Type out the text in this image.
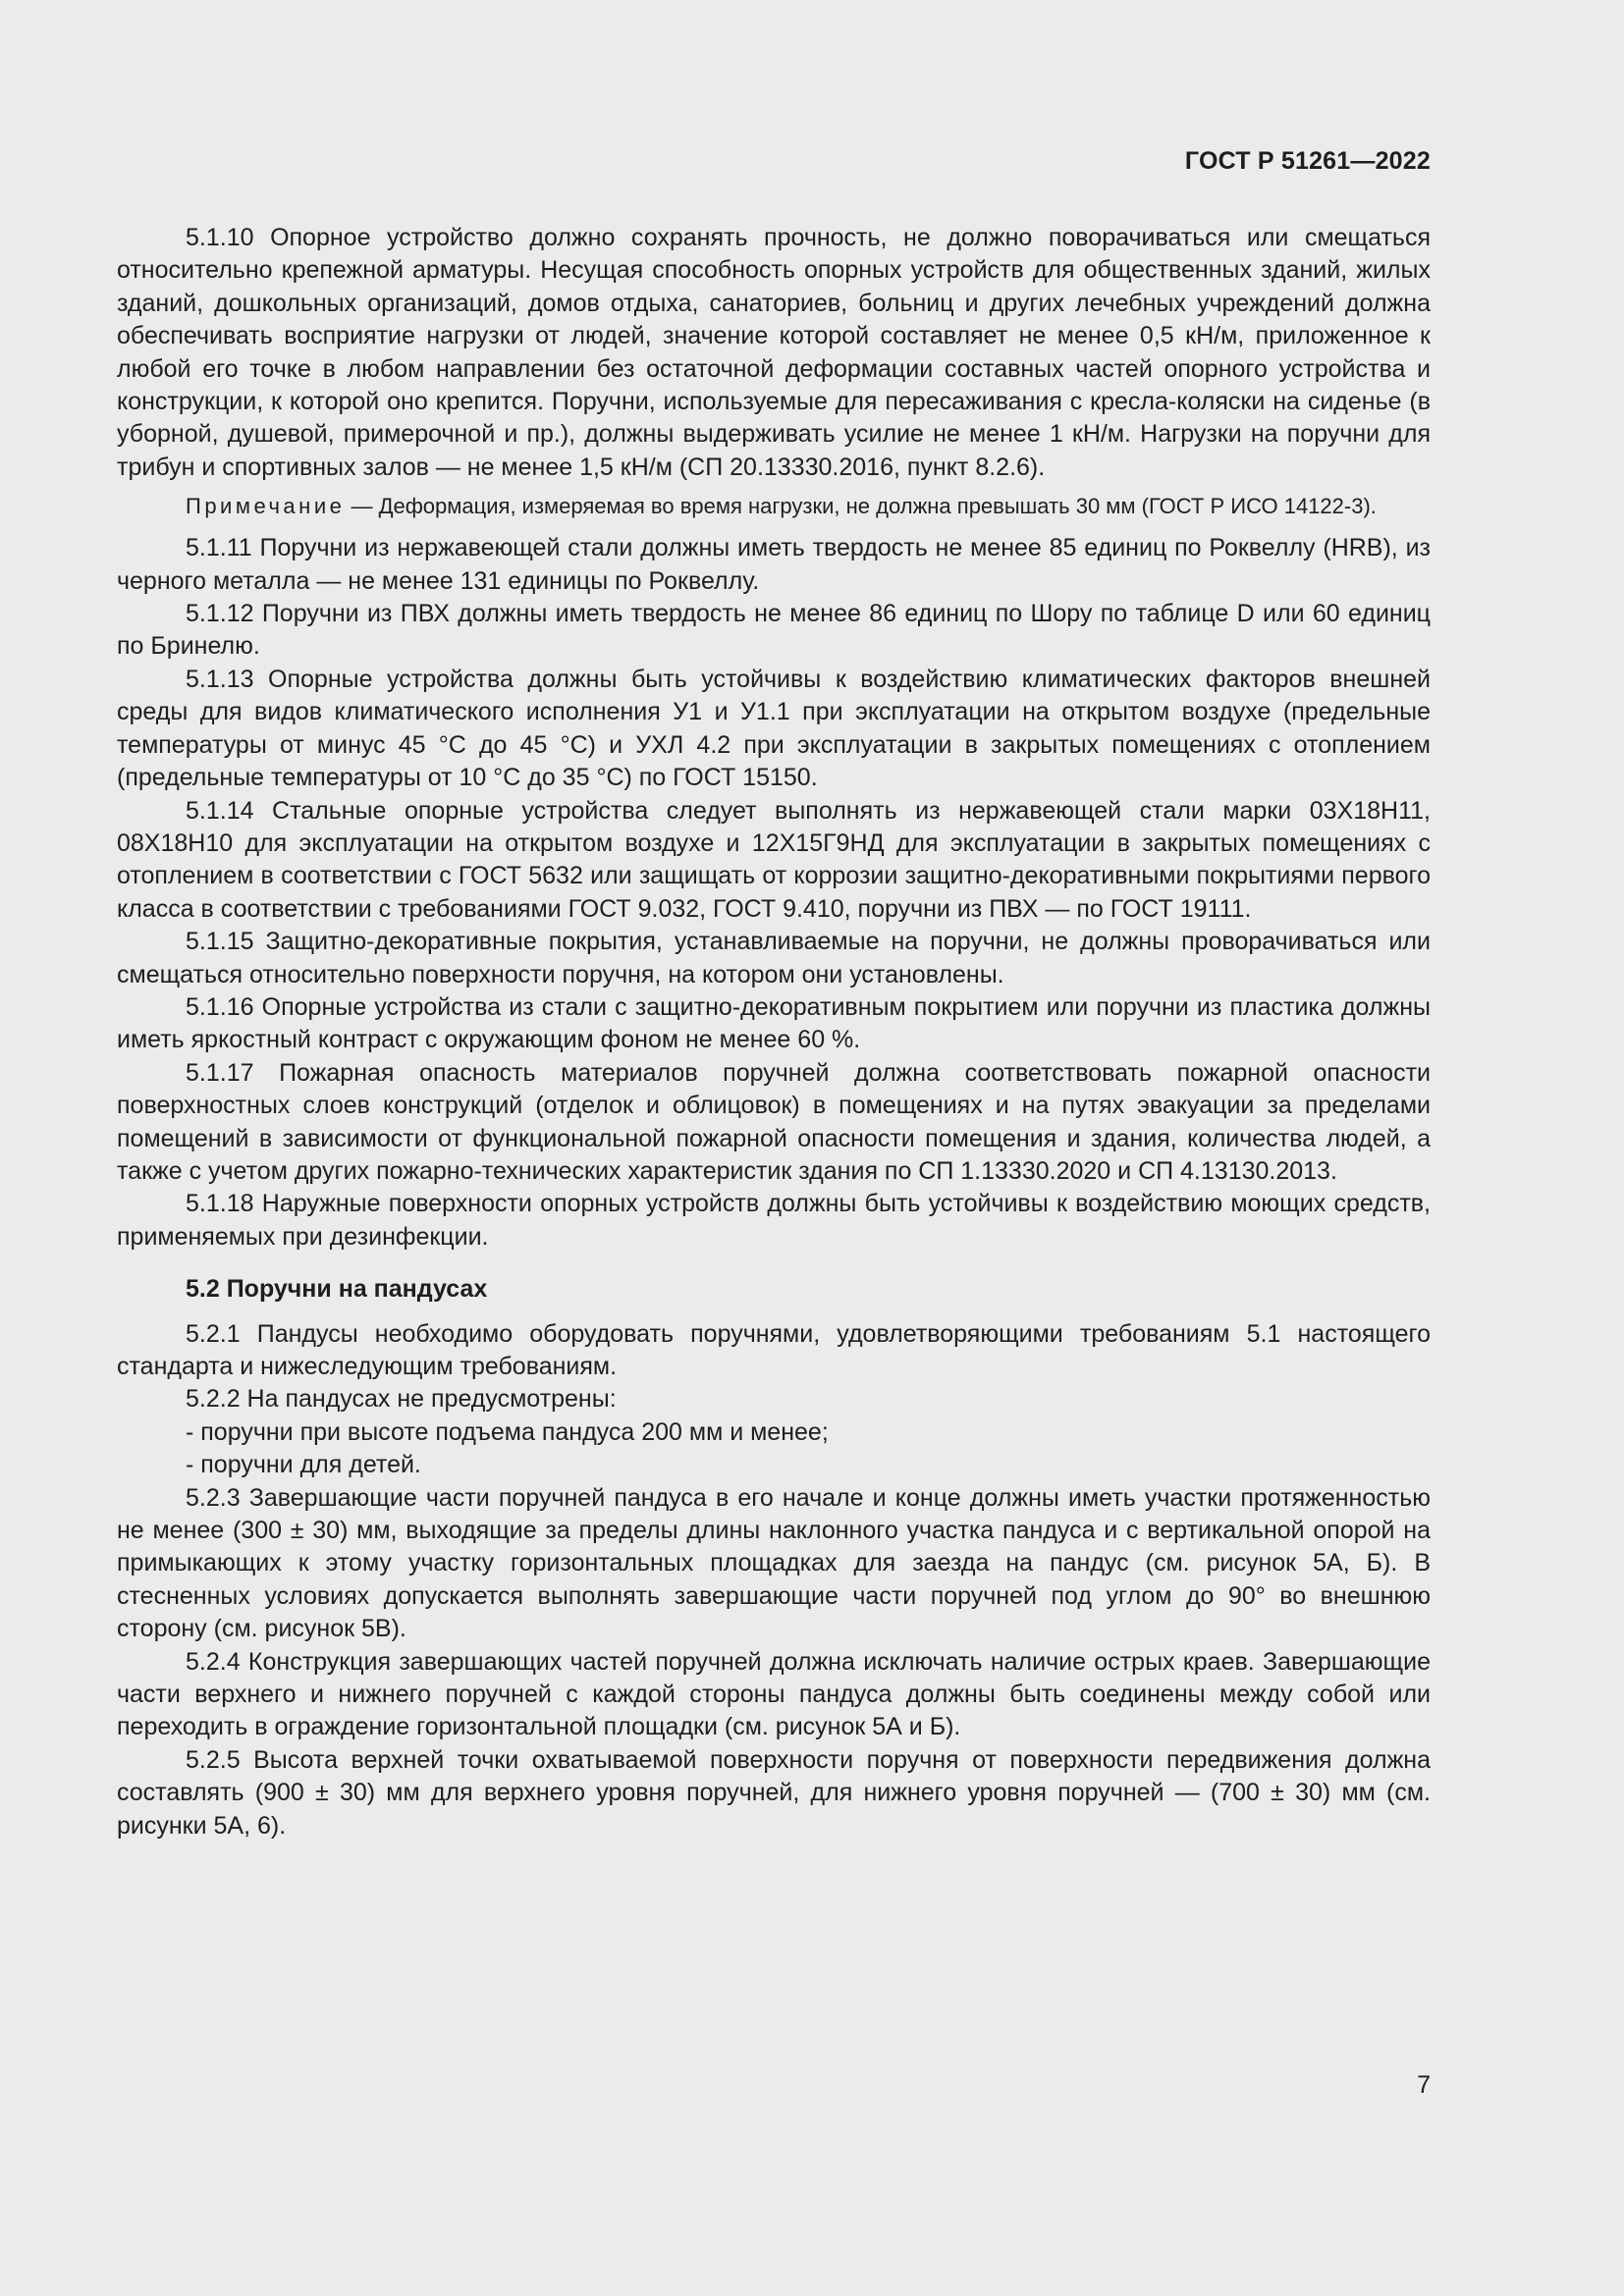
ГОСТ Р 51261—2022

5.1.10 Опорное устройство должно сохранять прочность, не должно поворачиваться или смещаться относительно крепежной арматуры. Несущая способность опорных устройств для общественных зданий, жилых зданий, дошкольных организаций, домов отдыха, санаториев, больниц и других лечебных учреждений должна обеспечивать восприятие нагрузки от людей, значение которой составляет не менее 0,5 кН/м, приложенное к любой его точке в любом направлении без остаточной деформации составных частей опорного устройства и конструкции, к которой оно крепится. Поручни, используемые для пересаживания с кресла-коляски на сиденье (в уборной, душевой, примерочной и пр.), должны выдерживать усилие не менее 1 кН/м. Нагрузки на поручни для трибун и спортивных залов — не менее 1,5 кН/м (СП 20.13330.2016, пункт 8.2.6).

Примечание — Деформация, измеряемая во время нагрузки, не должна превышать 30 мм (ГОСТ Р ИСО 14122-3).

5.1.11 Поручни из нержавеющей стали должны иметь твердость не менее 85 единиц по Роквеллу (HRB), из черного металла — не менее 131 единицы по Роквеллу.

5.1.12 Поручни из ПВХ должны иметь твердость не менее 86 единиц по Шору по таблице D или 60 единиц по Бринелю.

5.1.13 Опорные устройства должны быть устойчивы к воздействию климатических факторов внешней среды для видов климатического исполнения У1 и У1.1 при эксплуатации на открытом воздухе (предельные температуры от минус 45 °С до 45 °С) и УХЛ 4.2 при эксплуатации в закрытых помещениях с отоплением (предельные температуры от 10 °С до 35 °С) по ГОСТ 15150.

5.1.14 Стальные опорные устройства следует выполнять из нержавеющей стали марки 03Х18Н11, 08Х18Н10 для эксплуатации на открытом воздухе и 12Х15Г9НД для эксплуатации в закрытых помещениях с отоплением в соответствии с ГОСТ 5632 или защищать от коррозии защитно-декоративными покрытиями первого класса в соответствии с требованиями ГОСТ 9.032, ГОСТ 9.410, поручни из ПВХ — по ГОСТ 19111.

5.1.15 Защитно-декоративные покрытия, устанавливаемые на поручни, не должны проворачиваться или смещаться относительно поверхности поручня, на котором они установлены.

5.1.16 Опорные устройства из стали с защитно-декоративным покрытием или поручни из пластика должны иметь яркостный контраст с окружающим фоном не менее 60 %.

5.1.17 Пожарная опасность материалов поручней должна соответствовать пожарной опасности поверхностных слоев конструкций (отделок и облицовок) в помещениях и на путях эвакуации за пределами помещений в зависимости от функциональной пожарной опасности помещения и здания, количества людей, а также с учетом других пожарно-технических характеристик здания по СП 1.13330.2020 и СП 4.13130.2013.

5.1.18 Наружные поверхности опорных устройств должны быть устойчивы к воздействию моющих средств, применяемых при дезинфекции.

5.2 Поручни на пандусах

5.2.1 Пандусы необходимо оборудовать поручнями, удовлетворяющими требованиям 5.1 настоящего стандарта и нижеследующим требованиям.

5.2.2 На пандусах не предусмотрены:

- поручни при высоте подъема пандуса 200 мм и менее;

- поручни для детей.

5.2.3 Завершающие части поручней пандуса в его начале и конце должны иметь участки протяженностью не менее (300 ± 30) мм, выходящие за пределы длины наклонного участка пандуса и с вертикальной опорой на примыкающих к этому участку горизонтальных площадках для заезда на пандус (см. рисунок 5А, Б). В стесненных условиях допускается выполнять завершающие части поручней под углом до 90° во внешнюю сторону (см. рисунок 5В).

5.2.4 Конструкция завершающих частей поручней должна исключать наличие острых краев. Завершающие части верхнего и нижнего поручней с каждой стороны пандуса должны быть соединены между собой или переходить в ограждение горизонтальной площадки (см. рисунок 5А и Б).

5.2.5 Высота верхней точки охватываемой поверхности поручня от поверхности передвижения должна составлять (900 ± 30) мм для верхнего уровня поручней, для нижнего уровня поручней — (700 ± 30) мм (см. рисунки 5А, 6).

7
